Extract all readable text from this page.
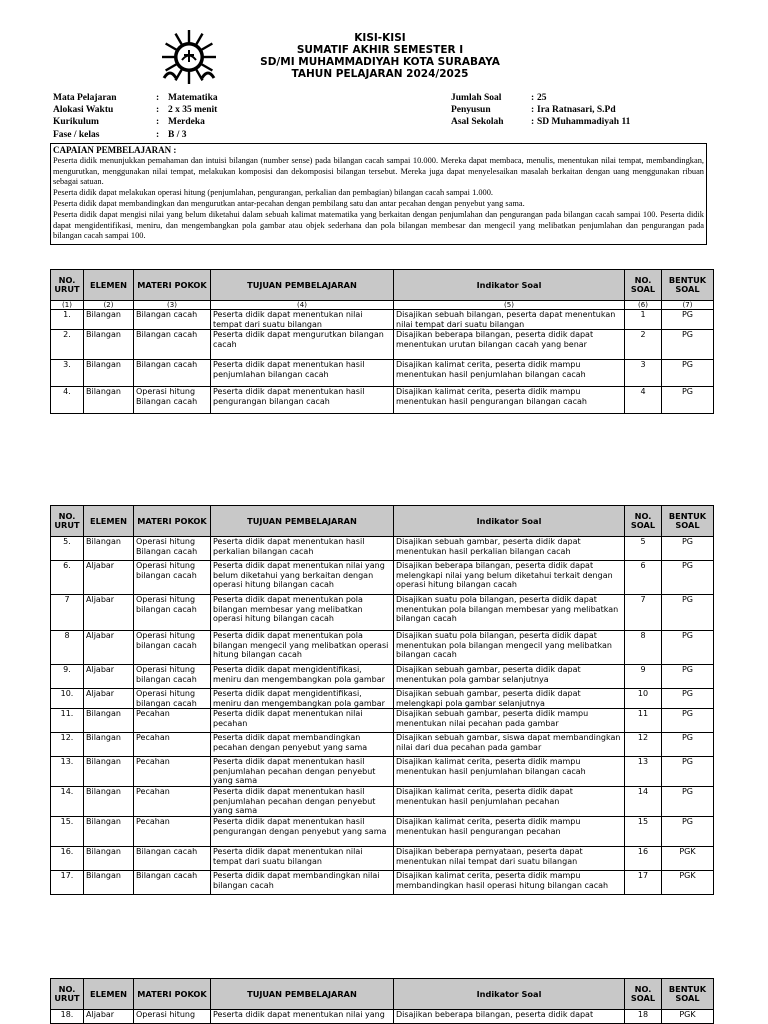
KISI-KISI
SUMATIF AKHIR SEMESTER I
SD/MI MUHAMMADIYAH KOTA SURABAYA
TAHUN PELAJARAN 2024/2025
Mata Pelajaran	: Matematika
Alokasi Waktu	: 2 x 35 menit
Kurikulum	: Merdeka
Fase / kelas	: B / 3
Jumlah Soal	: 25
Penyusun	: Ira Ratnasari, S.Pd
Asal Sekolah	: SD Muhammadiyah 11
CAPAIAN PEMBELAJARAN :

Peserta didik menunjukkan pemahaman dan intuisi bilangan (number sense) pada bilangan cacah sampai 10.000. Mereka dapat membaca, menulis, menentukan nilai tempat, membandingkan, mengurutkan, menggunakan nilai tempat, melakukan komposisi dan dekomposisi bilangan tersebut. Mereka juga dapat menyelesaikan masalah berkaitan dengan uang menggunakan ribuan sebagai satuan.

Peserta didik dapat melakukan operasi hitung (penjumlahan, pengurangan, perkalian dan pembagian) bilangan cacah sampai 1.000.

Peserta didik dapat membandingkan dan mengurutkan antar-pecahan dengan pembilang satu dan antar pecahan dengan penyebut yang sama.

Peserta didik dapat mengisi nilai yang belum diketahui dalam sebuah kalimat matematika yang berkaitan dengan penjumlahan dan pengurangan pada bilangan cacah sampai 100. Peserta didik dapat mengidentifikasi, meniru, dan mengembangkan pola gambar atau objek sederhana dan pola bilangan membesar dan mengecil yang melibatkan penjumlahan dan pengurangan pada bilangan cacah sampai 100.

NO. URUT	ELEMEN	MATERI POKOK	TUJUAN PEMBELAJARAN	Indikator Soal	NO. SOAL	BENTUK SOAL
(1)	(2)	(3)	(4)	(5)	(6)	(7)
1.	Bilangan	Bilangan cacah	Peserta didik dapat menentukan nilai tempat dari suatu bilangan	Disajikan sebuah bilangan, peserta dapat menentukan nilai tempat dari suatu bilangan	1	PG
2.	Bilangan	Bilangan cacah	Peserta didik dapat mengurutkan bilangan cacah	Disajikan beberapa bilangan, peserta didik dapat menentukan urutan bilangan cacah yang benar	2	PG
3.	Bilangan	Bilangan cacah	Peserta didik dapat menentukan hasil penjumlahan bilangan cacah	Disajikan kalimat cerita, peserta didik mampu menentukan hasil penjumlahan bilangan cacah	3	PG
4.	Bilangan	Operasi hitung Bilangan cacah	Peserta didik dapat menentukan hasil pengurangan bilangan cacah	Disajikan kalimat cerita, peserta didik mampu menentukan hasil pengurangan bilangan cacah	4	PG
NO. URUT	ELEMEN	MATERI POKOK	TUJUAN PEMBELAJARAN	Indikator Soal	NO. SOAL	BENTUK SOAL
5.	Bilangan	Operasi hitung Bilangan cacah	Peserta didik dapat menentukan hasil perkalian bilangan cacah	Disajikan sebuah gambar, peserta didik dapat menentukan hasil perkalian bilangan cacah	5	PG
6.	Aljabar	Operasi hitung bilangan cacah	Peserta didik dapat menentukan nilai yang belum diketahui yang berkaitan dengan operasi hitung bilangan cacah	Disajikan beberapa bilangan, peserta didik dapat melengkapi nilai yang belum diketahui terkait dengan operasi hitung bilangan cacah	6	PG
7	Aljabar	Operasi hitung bilangan cacah	Peserta didik dapat menentukan pola bilangan membesar yang melibatkan operasi hitung bilangan cacah	Disajikan suatu pola bilangan, peserta didik dapat menentukan pola bilangan membesar yang melibatkan bilangan cacah	7	PG
8	Aljabar	Operasi hitung bilangan cacah	Peserta didik dapat menentukan pola bilangan mengecil yang melibatkan operasi hitung bilangan cacah	Disajikan suatu pola bilangan, peserta didik dapat menentukan pola bilangan mengecil yang melibatkan bilangan cacah	8	PG
9.	Aljabar	Operasi hitung bilangan cacah	Peserta didik dapat mengidentifikasi, meniru dan mengembangkan pola gambar	Disajikan sebuah gambar, peserta didik dapat menentukan pola gambar selanjutnya	9	PG
10.	Aljabar	Operasi hitung bilangan cacah	Peserta didik dapat mengidentifikasi, meniru dan mengembangkan pola gambar	Disajikan sebuah gambar, peserta didik dapat melengkapi pola gambar selanjutnya	10	PG
11.	Bilangan	Pecahan	Peserta didik dapat menentukan nilai pecahan	Disajikan sebuah gambar, peserta didik mampu menentukan nilai pecahan pada gambar	11	PG
12.	Bilangan	Pecahan	Peserta didik dapat membandingkan pecahan dengan penyebut yang sama	Disajikan sebuah gambar, siswa dapat membandingkan nilai dari dua pecahan pada gambar	12	PG
13.	Bilangan	Pecahan	Peserta didik dapat menentukan hasil penjumlahan pecahan dengan penyebut yang sama	Disajikan kalimat cerita, peserta didik mampu menentukan hasil penjumlahan bilangan cacah	13	PG
14.	Bilangan	Pecahan	Peserta didik dapat menentukan hasil penjumlahan pecahan dengan penyebut yang sama	Disajikan kalimat cerita, peserta didik dapat menentukan hasil penjumlahan pecahan	14	PG
15.	Bilangan	Pecahan	Peserta didik dapat menentukan hasil pengurangan dengan penyebut yang sama	Disajikan kalimat cerita, peserta didik mampu menentukan hasil pengurangan pecahan	15	PG
16.	Bilangan	Bilangan cacah	Peserta didik dapat menentukan nilai tempat dari suatu bilangan	Disajikan beberapa pernyataan, peserta dapat menentukan nilai tempat dari suatu bilangan	16	PGK
17.	Bilangan	Bilangan cacah	Peserta didik dapat membandingkan nilai bilangan cacah	Disajikan kalimat cerita, peserta didik mampu membandingkan hasil operasi hitung bilangan cacah	17	PGK
NO. URUT	ELEMEN	MATERI POKOK	TUJUAN PEMBELAJARAN	Indikator Soal	NO. SOAL	BENTUK SOAL
18.	Aljabar	Operasi hitung	Peserta didik dapat menentukan nilai yang	Disajikan beberapa bilangan, peserta didik dapat	18	PGK
